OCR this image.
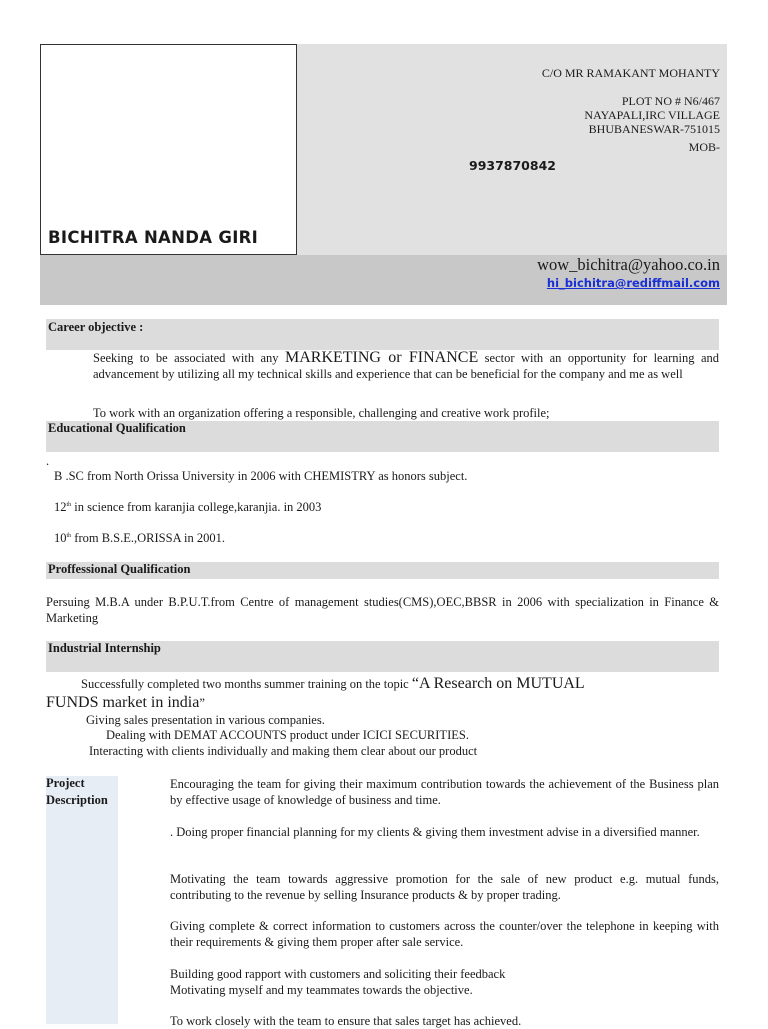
BICHITRA NANDA GIRI
C/O MR RAMAKANT MOHANTY
PLOT NO # N6/467
NAYAPALI,IRC VILLAGE
BHUBANESWAR-751015
MOB-
9937870842
wow_bichitra@yahoo.co.in
hi_bichitra@rediffmail.com
Career objective :
Seeking to be associated with any MARKETING or FINANCE sector with an opportunity for learning and advancement by utilizing all my technical skills and experience that can be beneficial for the company and me as well
To work with an organization offering a responsible, challenging and creative work profile;
Educational Qualification
.
B .SC from North Orissa University in 2006 with CHEMISTRY as honors subject.
12th in science from karanjia college,karanjia. in 2003
10th from B.S.E.,ORISSA in 2001.
Proffessional Qualification
Persuing M.B.A under B.P.U.T.from Centre of management studies(CMS),OEC,BBSR in 2006 with specialization in Finance & Marketing
Industrial Internship
Successfully completed two months summer training on the topic “A Research on MUTUAL
FUNDS market in india”
Giving sales presentation in various companies.
Dealing with DEMAT ACCOUNTS product under ICICI SECURITIES.
Interacting with clients individually and making them clear about our product
Project
Description
Encouraging the team for giving their maximum contribution towards the achievement of the Business plan by effective usage of knowledge of business and time.
. Doing proper financial planning for my clients & giving them investment advise in a diversified manner.
Motivating the team towards aggressive promotion for the sale of new product e.g. mutual funds, contributing to the revenue by selling Insurance products & by proper trading.
Giving complete & correct information to customers across the counter/over the telephone in keeping with their requirements & giving them proper after sale service.
Building good rapport with customers and soliciting their feedback
Motivating myself and my teammates towards the objective.
To work closely with the team to ensure that sales target has achieved.
